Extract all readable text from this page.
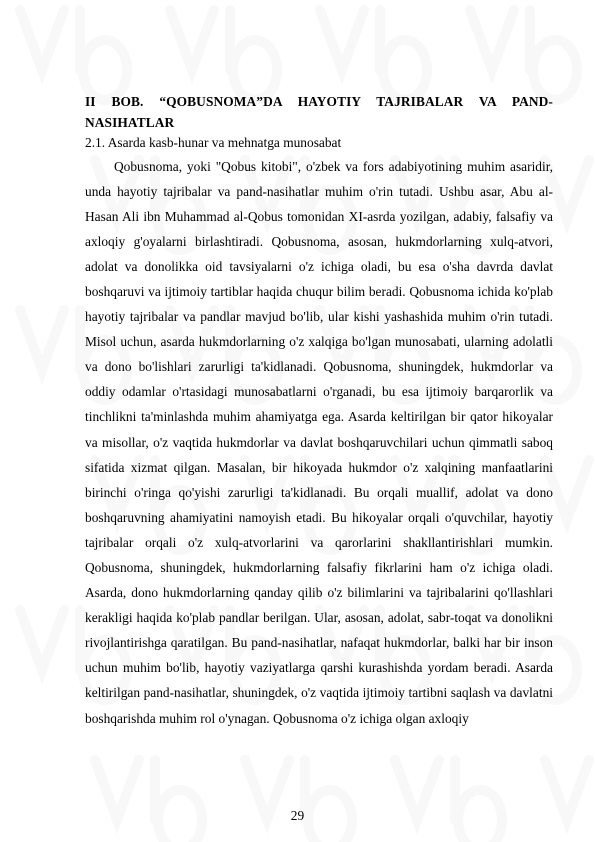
II BOB. “QOBUSNOMA”DA HAYOTIY TAJRIBALAR VA PAND-NASIHATLAR

2.1. Asarda kasb-hunar va mehnatga munosabat

Qobusnoma, yoki "Qobus kitobi", o'zbek va fors adabiyotining muhim asaridir, unda hayotiy tajribalar va pand-nasihatlar muhim o'rin tutadi. Ushbu asar, Abu al-Hasan Ali ibn Muhammad al-Qobus tomonidan XI-asrda yozilgan, adabiy, falsafiy va axloqiy g'oyalarni birlashtiradi. Qobusnoma, asosan, hukmdorlarning xulq-atvori, adolat va donolikka oid tavsiyalarni o'z ichiga oladi, bu esa o'sha davrda davlat boshqaruvi va ijtimoiy tartiblar haqida chuqur bilim beradi. Qobusnoma ichida ko'plab hayotiy tajribalar va pandlar mavjud bo'lib, ular kishi yashashida muhim o'rin tutadi. Misol uchun, asarda hukmdorlarning o'z xalqiga bo'lgan munosabati, ularning adolatli va dono bo'lishlari zarurligi ta'kidlanadi. Qobusnoma, shuningdek, hukmdorlar va oddiy odamlar o'rtasidagi munosabatlarni o'rganadi, bu esa ijtimoiy barqarorlik va tinchlikni ta'minlashda muhim ahamiyatga ega. Asarda keltirilgan bir qator hikoyalar va misollar, o'z vaqtida hukmdorlar va davlat boshqaruvchilari uchun qimmatli saboq sifatida xizmat qilgan. Masalan, bir hikoyada hukmdor o'z xalqining manfaatlarini birinchi o'ringa qo'yishi zarurligi ta'kidlanadi. Bu orqali muallif, adolat va dono boshqaruvning ahamiyatini namoyish etadi. Bu hikoyalar orqali o'quvchilar, hayotiy tajribalar orqali o'z xulq-atvorlarini va qarorlarini shakllantirishlari mumkin. Qobusnoma, shuningdek, hukmdorlarning falsafiy fikrlarini ham o'z ichiga oladi. Asarda, dono hukmdorlarning qanday qilib o'z bilimlarini va tajribalarini qo'llashlari kerakligi haqida ko'plab pandlar berilgan. Ular, asosan, adolat, sabr-toqat va donolikni rivojlantirishga qaratilgan. Bu pand-nasihatlar, nafaqat hukmdorlar, balki har bir inson uchun muhim bo'lib, hayotiy vaziyatlarga qarshi kurashishda yordam beradi. Asarda keltirilgan pand-nasihatlar, shuningdek, o'z vaqtida ijtimoiy tartibni saqlash va davlatni boshqarishda muhim rol o'ynagan. Qobusnoma o'z ichiga olgan axloqiy

29
